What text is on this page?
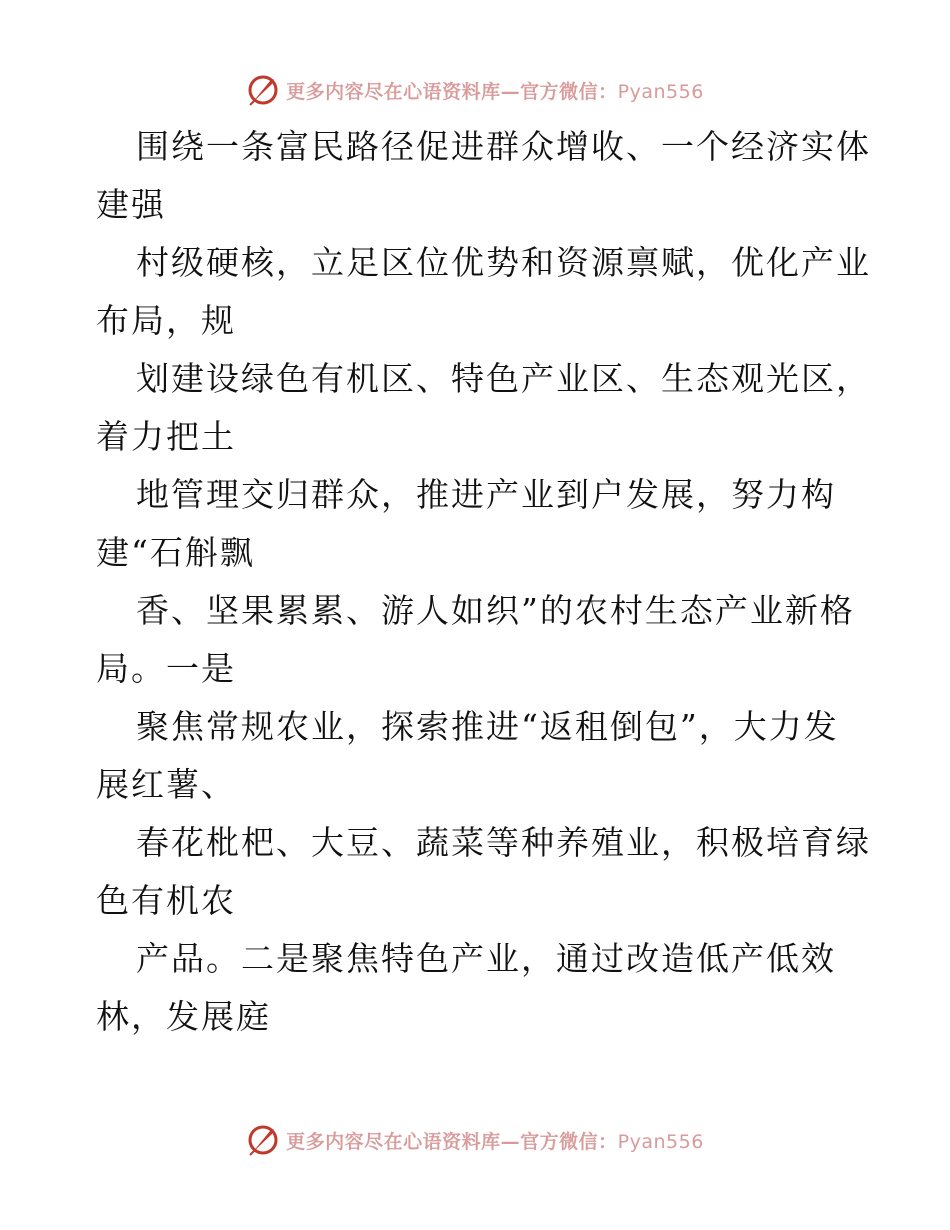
更多内容尽在心语资料库—官方微信：Pyan556
围绕一条富民路径促进群众增收、一个经济实体
建强
村级硬核，立足区位优势和资源禀赋，优化产业
布局，规
划建设绿色有机区、特色产业区、生态观光区，
着力把土
地管理交归群众，推进产业到户发展，努力构
建“石斛飘
香、坚果累累、游人如织”的农村生态产业新格
局。一是
聚焦常规农业，探索推进“返租倒包”，大力发
展红薯、
春花枇杷、大豆、蔬菜等种养殖业，积极培育绿
色有机农
产品。二是聚焦特色产业，通过改造低产低效
林，发展庭
更多内容尽在心语资料库—官方微信：Pyan556
